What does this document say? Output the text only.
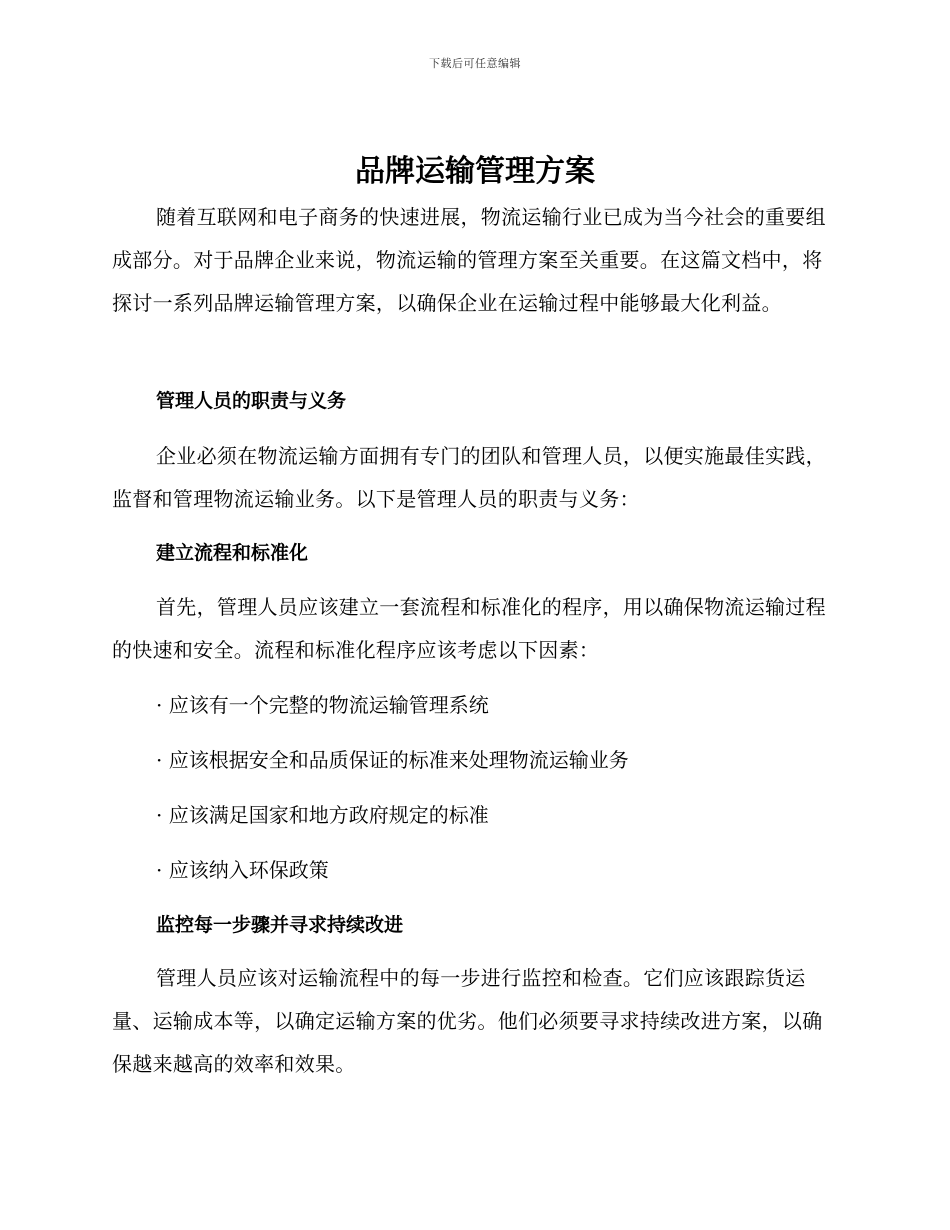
下载后可任意编辑
品牌运输管理方案

随着互联网和电子商务的快速进展，物流运输行业已成为当今社会的重要组成部分。对于品牌企业来说，物流运输的管理方案至关重要。在这篇文档中，将探讨一系列品牌运输管理方案，以确保企业在运输过程中能够最大化利益。

管理人员的职责与义务

企业必须在物流运输方面拥有专门的团队和管理人员，以便实施最佳实践，监督和管理物流运输业务。以下是管理人员的职责与义务：

建立流程和标准化

首先，管理人员应该建立一套流程和标准化的程序，用以确保物流运输过程的快速和安全。流程和标准化程序应该考虑以下因素：

· 应该有一个完整的物流运输管理系统
· 应该根据安全和品质保证的标准来处理物流运输业务
· 应该满足国家和地方政府规定的标准
· 应该纳入环保政策
监控每一步骤并寻求持续改进

管理人员应该对运输流程中的每一步进行监控和检查。它们应该跟踪货运量、运输成本等，以确定运输方案的优劣。他们必须要寻求持续改进方案，以确保越来越高的效率和效果。
